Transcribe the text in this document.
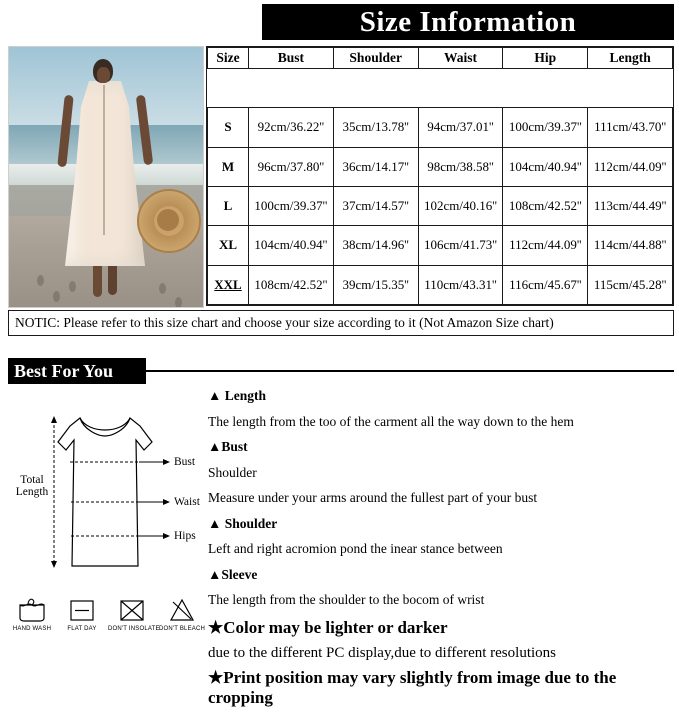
Size Information

Size	Bust	Shoulder	Waist	Hip	Length
S	92cm/36.22''	35cm/13.78''	94cm/37.01''	100cm/39.37''	111cm/43.70''
M	96cm/37.80''	36cm/14.17''	98cm/38.58''	104cm/40.94''	112cm/44.09''
L	100cm/39.37''	37cm/14.57''	102cm/40.16''	108cm/42.52''	113cm/44.49''
XL	104cm/40.94''	38cm/14.96''	106cm/41.73''	112cm/44.09''	114cm/44.88''
XXL	108cm/42.52''	39cm/15.35''	110cm/43.31''	116cm/45.67''	115cm/45.28''
NOTIC: Please refer to this size chart and choose your size according to it (Not Amazon Size chart)
Best For You
Total
Length
Bust
Waist
Hips
HAND WASH	FLAT DAY	DON'T INSOLATE DON'T BLEACH

▲ Length

The length from the too of the carment all the way down to the hem

▲Bust

Shoulder

Measure under your arms around the fullest part of your bust

▲ Shoulder

Left and right acromion pond the inear stance between

▲Sleeve

The length from the shoulder to the bocom of wrist

★Color may be lighter or darker

due to the different PC display,due to different resolutions

★Print position may vary slightly from image due to the cropping
